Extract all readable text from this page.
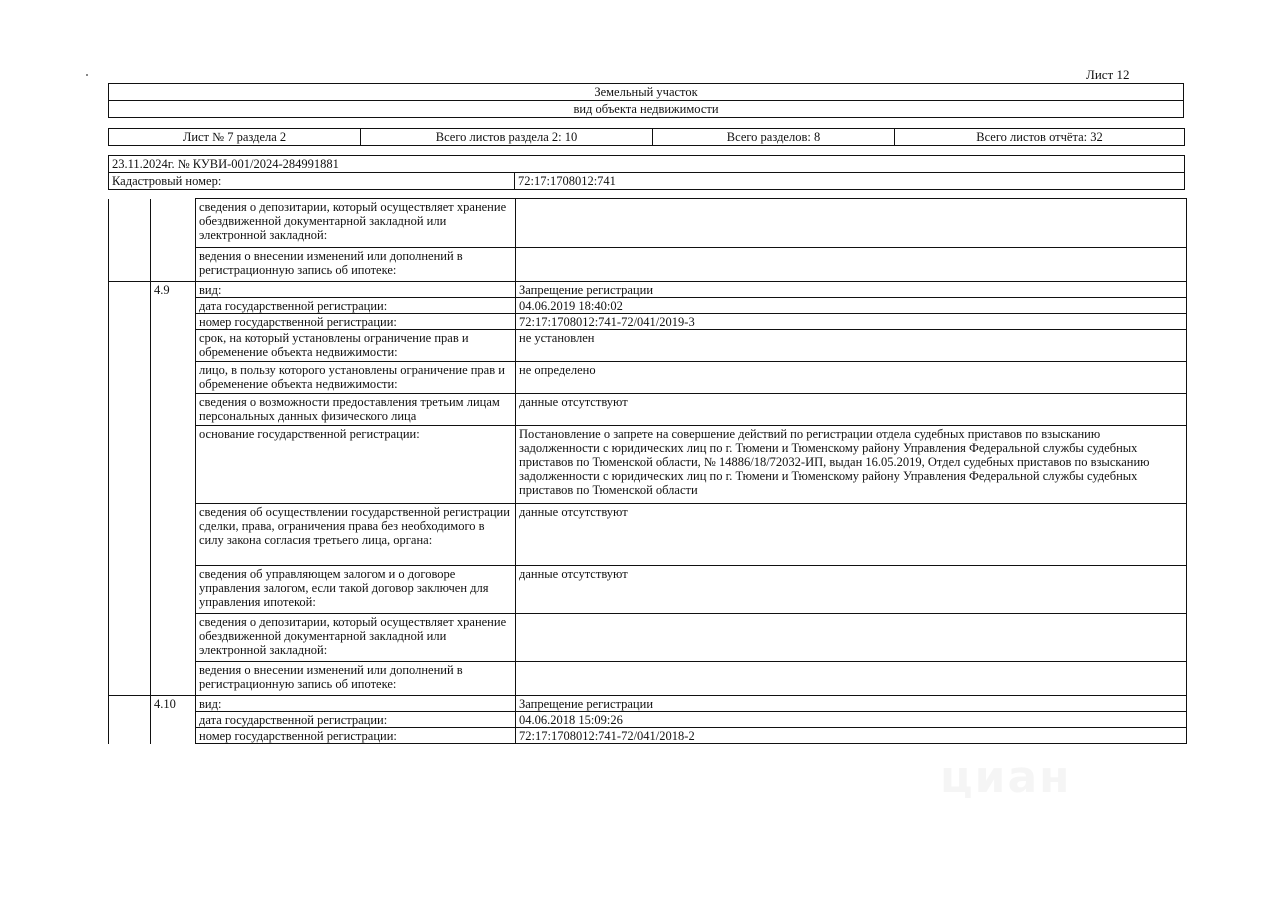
Лист 12
Земельный участок
вид объекта недвижимости
Лист № 7 раздела 2	Всего листов раздела 2: 10	Всего разделов: 8	Всего листов отчёта: 32
23.11.2024г. № КУВИ-001/2024-284991881
Кадастровый номер:	72:17:1708012:741
		сведения о депозитарии, который осуществляет хранение обездвиженной документарной закладной или электронной закладной:	
		ведения о внесении изменений или дополнений в регистрационную запись об ипотеке:	
	4.9	вид:	Запрещение регистрации
		дата государственной регистрации:	04.06.2019 18:40:02
		номер государственной регистрации:	72:17:1708012:741-72/041/2019-3
		срок, на который установлены ограничение прав и обременение объекта недвижимости:	не установлен
		лицо, в пользу которого установлены ограничение прав и обременение объекта недвижимости:	не определено
		сведения о возможности предоставления третьим лицам персональных данных физического лица	данные отсутствуют
		основание государственной регистрации:	Постановление о запрете на совершение действий по регистрации отдела судебных приставов по взысканию задолженности с юридических лиц по г. Тюмени и Тюменскому району Управления Федеральной службы судебных приставов по Тюменской области, № 14886/18/72032-ИП, выдан 16.05.2019, Отдел судебных приставов по взысканию задолженности с юридических лиц по г. Тюмени и Тюменскому району Управления Федеральной службы судебных приставов по Тюменской области
		сведения об осуществлении государственной регистрации сделки, права, ограничения права без необходимого в силу закона согласия третьего лица, органа:	данные отсутствуют
		сведения об управляющем залогом и о договоре управления залогом, если такой договор заключен для управления ипотекой:	данные отсутствуют
		сведения о депозитарии, который осуществляет хранение обездвиженной документарной закладной или электронной закладной:	
		ведения о внесении изменений или дополнений в регистрационную запись об ипотеке:	
	4.10	вид:	Запрещение регистрации
		дата государственной регистрации:	04.06.2018 15:09:26
		номер государственной регистрации:	72:17:1708012:741-72/041/2018-2
циан
